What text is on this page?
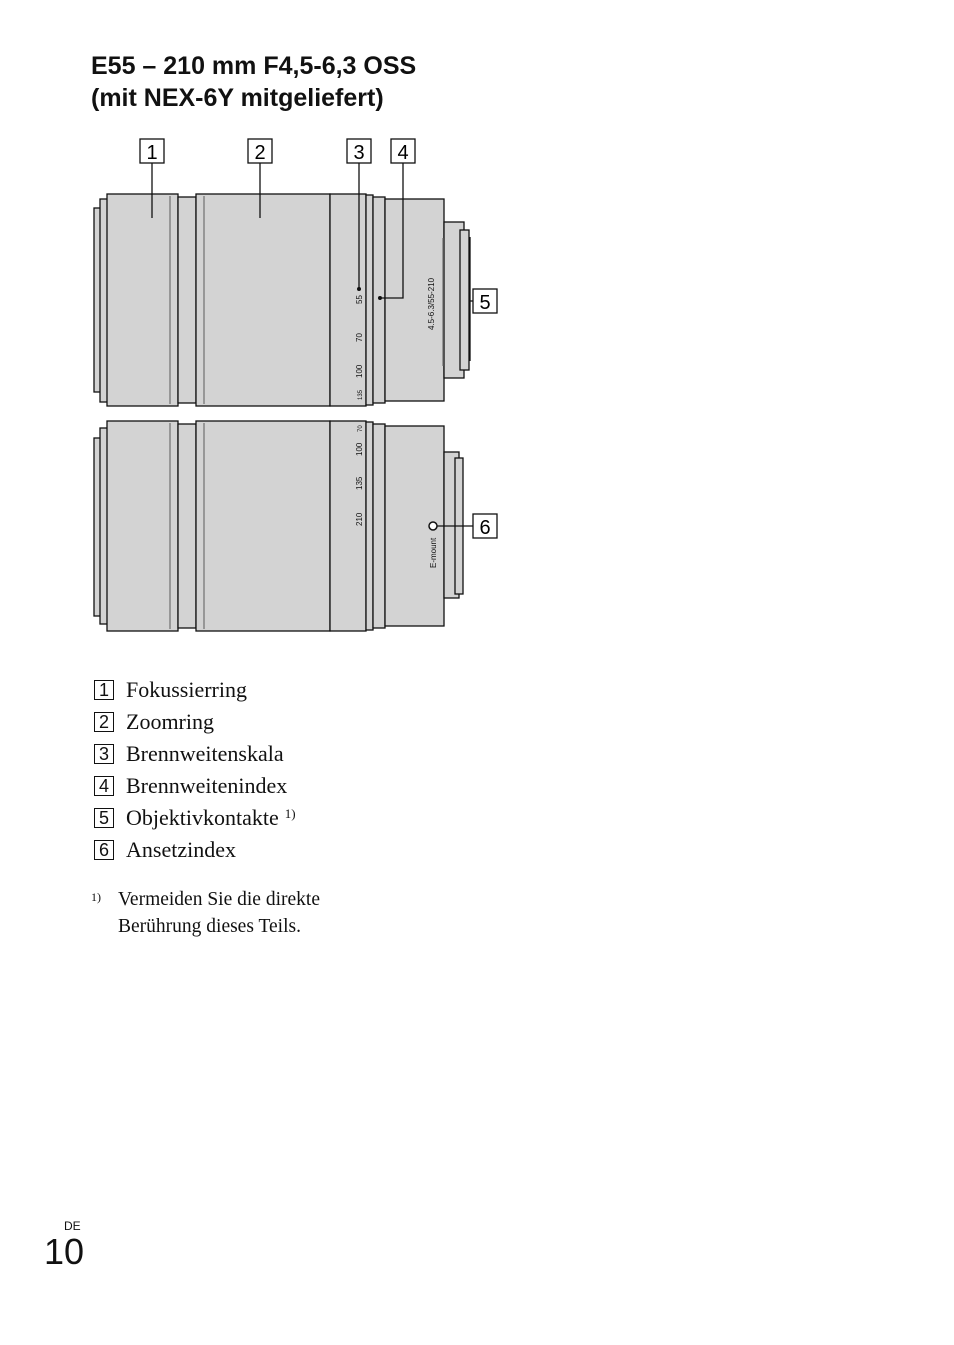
E55 – 210 mm F4,5-6,3 OSS
(mit NEX-6Y mitgeliefert)
1	2	3 4
5
6
55
70
100
135
4.5-6.3/55-210
70
100
135
210
E-mount
1 Fokussierring
2 Zoomring
3 Brennweitenskala
4 Brennweitenindex
5 Objektivkontakte $^{1)}$
6 Ansetzindex
1) Vermeiden Sie die direkte
Berührung dieses Teils.
DE
10
